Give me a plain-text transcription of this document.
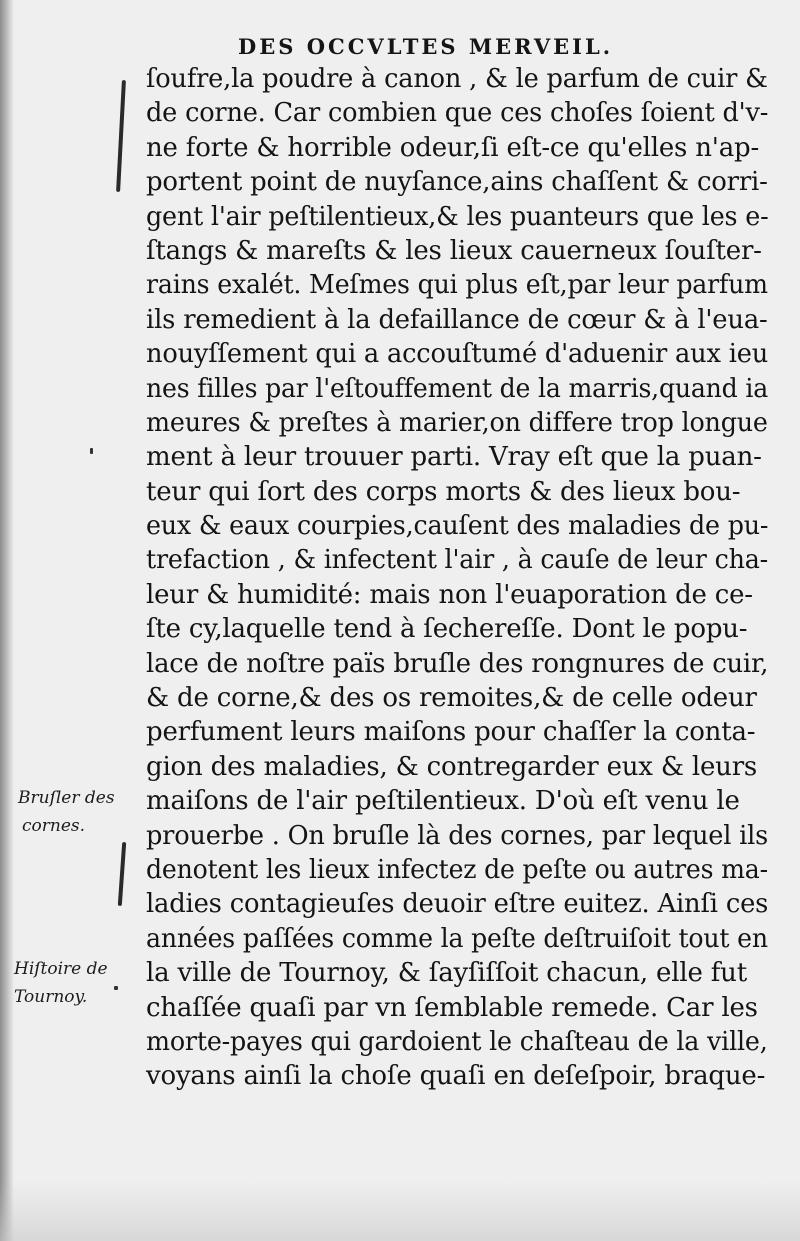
DES OCCVLTES MERVEIL.
Bruſler des
cornes.
Hiſtoire de
Tournoy.
ſoufre,la poudre à canon , & le parfum de cuir &
de corne. Car combien que ces choſes ſoient d'v-
ne forte & horrible odeur,ſi eſt-ce qu'elles n'ap-
portent point de nuyſance,ains chaſſent & corri-
gent l'air peſtilentieux,& les puanteurs que les e-
ſtangs & mareſts & les lieux cauerneux ſouſter-
rains exalét. Meſmes qui plus eſt,par leur parfum
ils remedient à la defaillance de cœur & à l'eua-
nouyſſement qui a accouſtumé d'aduenir aux ieu
nes filles par l'eſtouffement de la marris,quand ia
meures & preſtes à marier,on differe trop longue
ment à leur trouuer parti. Vray eſt que la puan-
teur qui ſort des corps morts & des lieux bou-
eux & eaux courpies,cauſent des maladies de pu-
trefaction , & infectent l'air , à cauſe de leur cha-
leur & humidité: mais non l'euaporation de ce-
ſte cy,laquelle tend à ſechereſſe. Dont le popu-
lace de noſtre païs bruſle des rongnures de cuir,
& de corne,& des os remoites,& de celle odeur
perfument leurs maiſons pour chaſſer la conta-
gion des maladies, & contregarder eux & leurs
maiſons de l'air peſtilentieux. D'où eſt venu le
prouerbe . On bruſle là des cornes, par lequel ils
denotent les lieux infectez de peſte ou autres ma-
ladies contagieuſes deuoir eſtre euitez. Ainſi ces
années paſſées comme la peſte deſtruiſoit tout en
la ville de Tournoy, & ſayſiſſoit chacun, elle fut
chaſſée quaſi par vn ſemblable remede. Car les
morte-payes qui gardoient le chaſteau de la ville,
voyans ainſi la choſe quaſi en deſeſpoir, braque-
